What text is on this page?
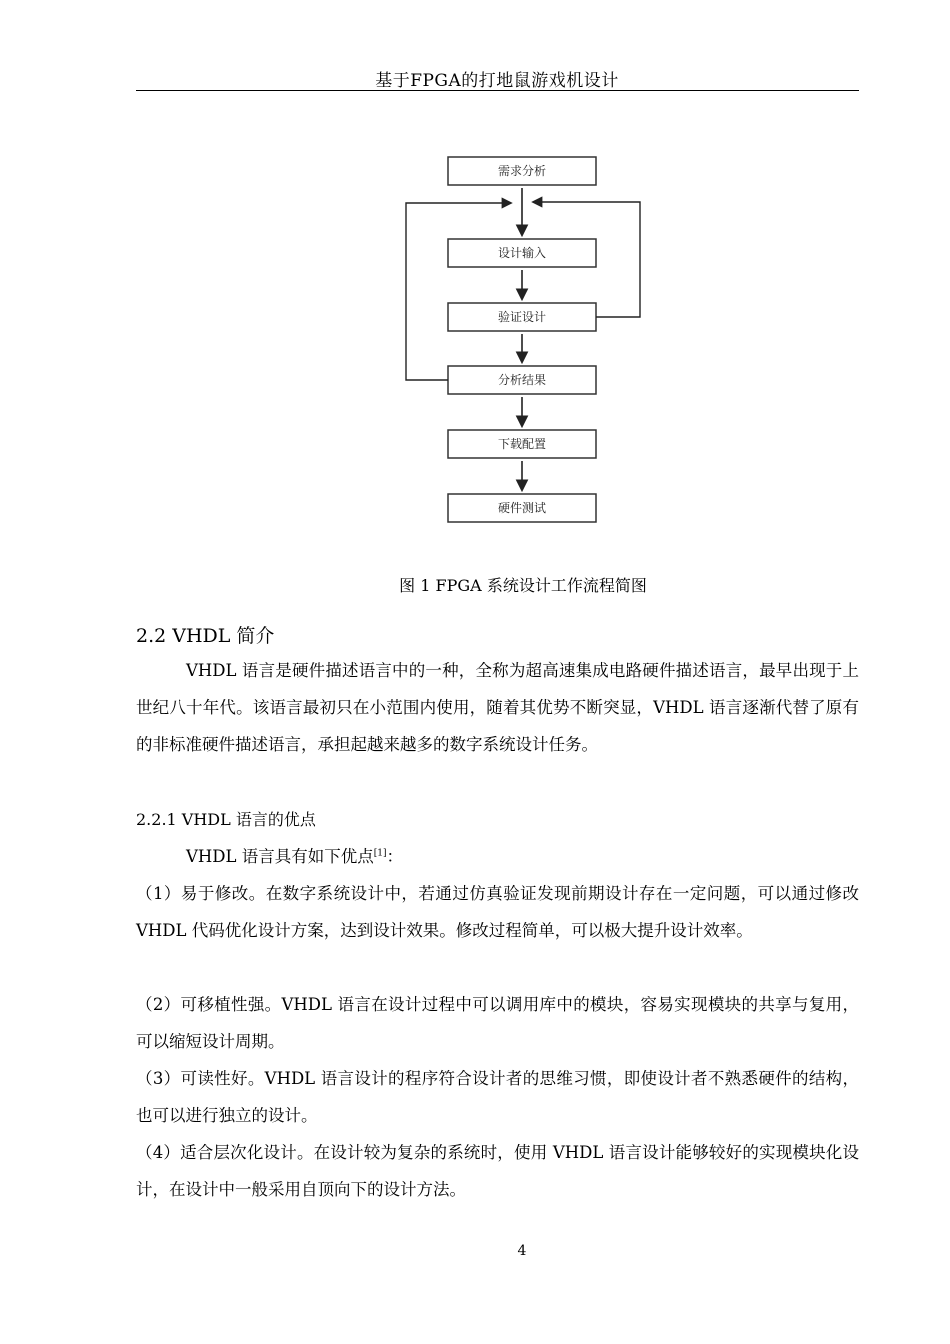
基于FPGA的打地鼠游戏机设计
需求分析
设计输入
验证设计
分析结果
下载配置
硬件测试
图 1 FPGA 系统设计工作流程简图
2.2 VHDL 简介
VHDL 语言是硬件描述语言中的一种，全称为超高速集成电路硬件描述语言，最早出现于上世纪八十年代。该语言最初只在小范围内使用，随着其优势不断突显，VHDL 语言逐渐代替了原有的非标准硬件描述语言，承担起越来越多的数字系统设计任务。
2.2.1 VHDL 语言的优点
VHDL 语言具有如下优点[1]：
（1）易于修改。在数字系统设计中，若通过仿真验证发现前期设计存在一定问题，可以通过修改 VHDL 代码优化设计方案，达到设计效果。修改过程简单，可以极大提升设计效率。
（2）可移植性强。VHDL 语言在设计过程中可以调用库中的模块，容易实现模块的共享与复用，可以缩短设计周期。
（3）可读性好。VHDL 语言设计的程序符合设计者的思维习惯，即使设计者不熟悉硬件的结构，也可以进行独立的设计。
（4）适合层次化设计。在设计较为复杂的系统时，使用 VHDL 语言设计能够较好的实现模块化设计，在设计中一般采用自顶向下的设计方法。
4
